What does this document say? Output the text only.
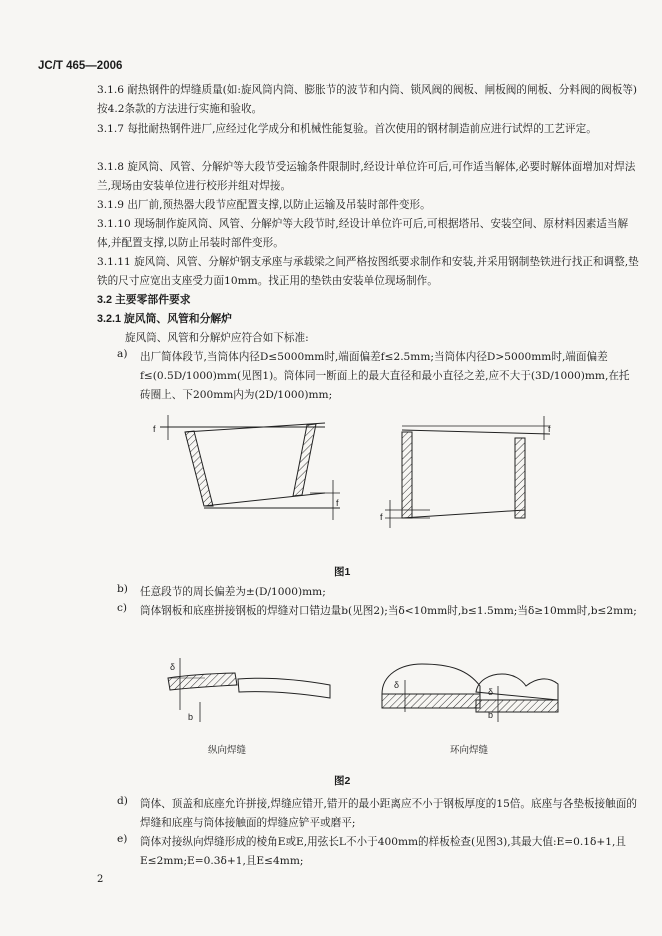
JC/T 465—2006

3.1.6 耐热钢件的焊缝质量(如:旋风筒内筒、膨胀节的波节和内筒、锁风阀的阀板、闸板阀的闸板、分料阀的阀板等)按4.2条款的方法进行实施和验收。

3.1.7 每批耐热钢件进厂,应经过化学成分和机械性能复验。首次使用的钢材制造前应进行试焊的工艺评定。

3.1.8 旋风筒、风管、分解炉等大段节受运输条件限制时,经设计单位许可后,可作适当解体,必要时解体面增加对焊法兰,现场由安装单位进行校形并组对焊接。

3.1.9 出厂前,预热器大段节应配置支撑,以防止运输及吊装时部件变形。

3.1.10 现场制作旋风筒、风管、分解炉等大段节时,经设计单位许可后,可根据塔吊、安装空间、原材料因素适当解体,并配置支撑,以防止吊装时部件变形。

3.1.11 旋风筒、风管、分解炉钢支承座与承载梁之间严格按图纸要求制作和安装,并采用钢制垫铁进行找正和调整,垫铁的尺寸应宽出支座受力面10mm。找正用的垫铁由安装单位现场制作。

3.2 主要零部件要求
3.2.1 旋风筒、风管和分解炉

旋风筒、风管和分解炉应符合如下标准:

a) 出厂简体段节,当筒体内径D≤5000mm时,端面偏差f≤2.5mm;当筒体内径D>5000mm时,端面偏差f≤(0.5D/1000)mm(见图1)。筒体同一断面上的最大直径和最小直径之差,应不大于(3D/1000)mm,在托砖圈上、下200mm内为(2D/1000)mm;

f
f
f
f
图1
b) 任意段节的周长偏差为±(D/1000)mm;

c) 筒体钢板和底座拼接钢板的焊缝对口错边量b(见图2);当δ<10mm时,b≤1.5mm;当δ≥10mm时,b≤2mm;

δ
b
δ
δ
b
纵向焊缝	环向焊缝
图2
d) 筒体、顶盖和底座允许拼接,焊缝应错开,错开的最小距离应不小于钢板厚度的15倍。底座与各垫板接触面的焊缝和底座与筒体接触面的焊缝应铲平或磨平;

e) 筒体对接纵向焊缝形成的棱角E或E,用弦长L不小于400mm的样板检查(见图3),其最大值:E=0.1δ+1,且E≤2mm;E=0.3δ+1,且E≤4mm;

2
